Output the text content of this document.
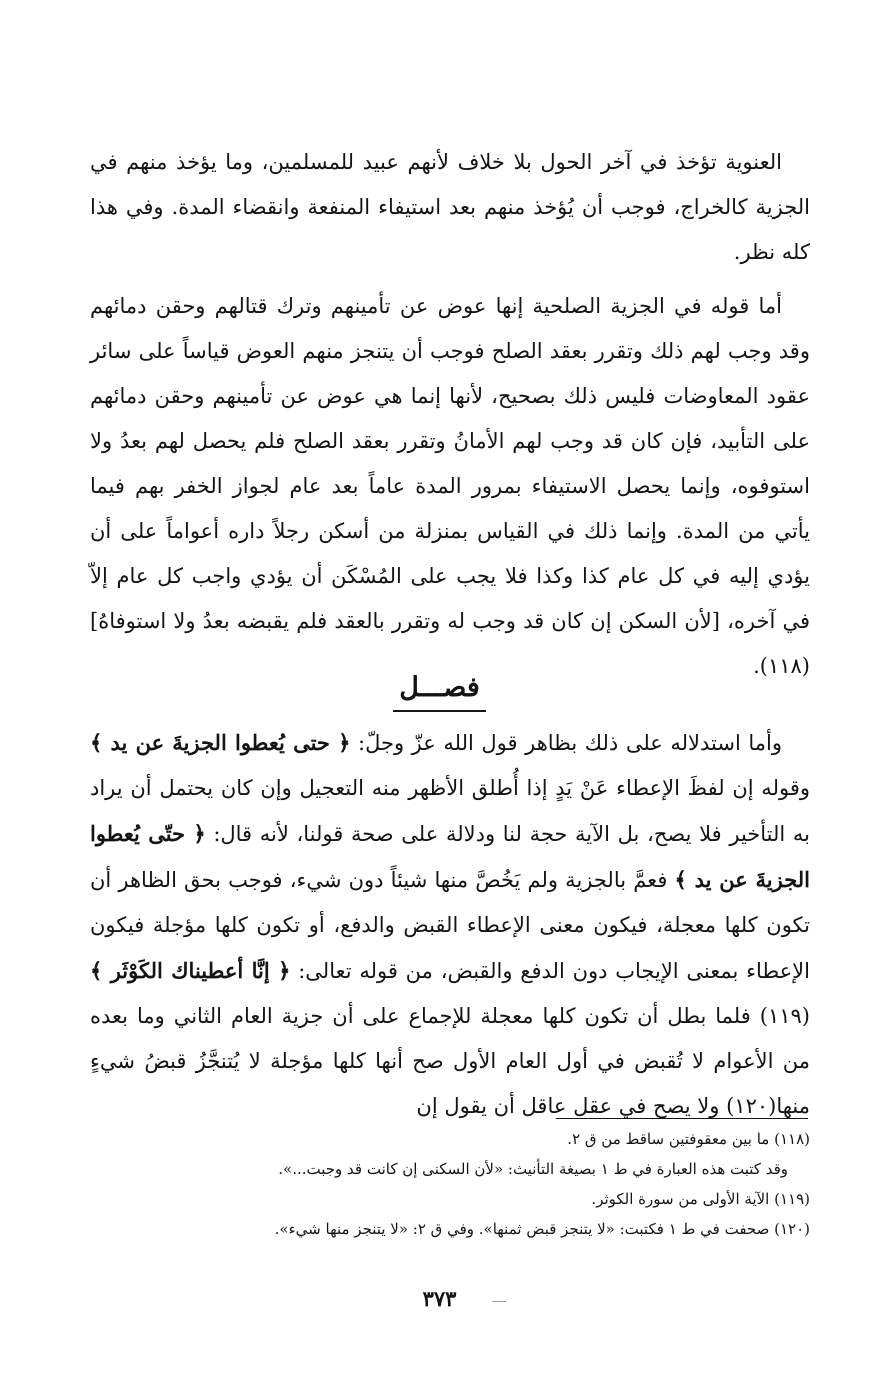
العنوية تؤخذ في آخر الحول بلا خلاف لأنهم عبيد للمسلمين، وما يؤخذ منهم في الجزية كالخراج، فوجب أن يُؤخذ منهم بعد استيفاء المنفعة وانقضاء المدة. وفي هذا كله نظر.

أما قوله في الجزية الصلحية إنها عوض عن تأمينهم وترك قتالهم وحقن دمائهم وقد وجب لهم ذلك وتقرر بعقد الصلح فوجب أن يتنجز منهم العوض قياساً على سائر عقود المعاوضات فليس ذلك بصحيح، لأنها إنما هي عوض عن تأمينهم وحقن دمائهم على التأبيد، فإن كان قد وجب لهم الأمانُ وتقرر بعقد الصلح فلم يحصل لهم بعدُ ولا استوفوه، وإنما يحصل الاستيفاء بمرور المدة عاماً بعد عام لجواز الخفر بهم فيما يأتي من المدة. وإنما ذلك في القياس بمنزلة من أسكن رجلاً داره أعواماً على أن يؤدي إليه في كل عام كذا وكذا فلا يجب على المُسْكَن أن يؤدي واجب كل عام إلاّ في آخره، [لأن السكن إن كان قد وجب له وتقرر بالعقد فلم يقبضه بعدُ ولا استوفاهُ](١١٨).

فصـــل

وأما استدلاله على ذلك بظاهر قول الله عزّ وجلّ: ﴿ حتى يُعطوا الجزيةَ عن يد ﴾ وقوله إن لفظَ الإعطاء عَنْ يَدٍ إذا أُطلق الأظهر منه التعجيل وإن كان يحتمل أن يراد به التأخير فلا يصح، بل الآية حجة لنا ودلالة على صحة قولنا، لأنه قال: ﴿ حتّى يُعطوا الجزيةَ عن يد ﴾ فعمَّ بالجزية ولم يَخُصَّ منها شيئاً دون شيء، فوجب بحق الظاهر أن تكون كلها معجلة، فيكون معنى الإعطاء القبض والدفع، أو تكون كلها مؤجلة فيكون الإعطاء بمعنى الإيجاب دون الدفع والقبض، من قوله تعالى: ﴿ إنَّا أعطيناك الكَوْثَر ﴾(١١٩) فلما بطل أن تكون كلها معجلة للإجماع على أن جزية العام الثاني وما بعده من الأعوام لا تُقبض في أول العام الأول صح أنها كلها مؤجلة لا يُتنجَّزُ قبضُ شيءٍ منها(١٢٠) ولا يصح في عقل عاقل أن يقول إن

(١١٨) ما بين معقوفتين ساقط من ق ٢.

وقد كتبت هذه العبارة في ط ١ بصيغة التأنيث: «لأن السكنى إن كانت قد وجبت...».

(١١٩) الآية الأولى من سورة الكوثر.

(١٢٠) صحفت في ط ١ فكتبت: «لا يتنجز قبض ثمنها». وفي ق ٢: «لا يتنجز منها شيء».

٣٧٣
